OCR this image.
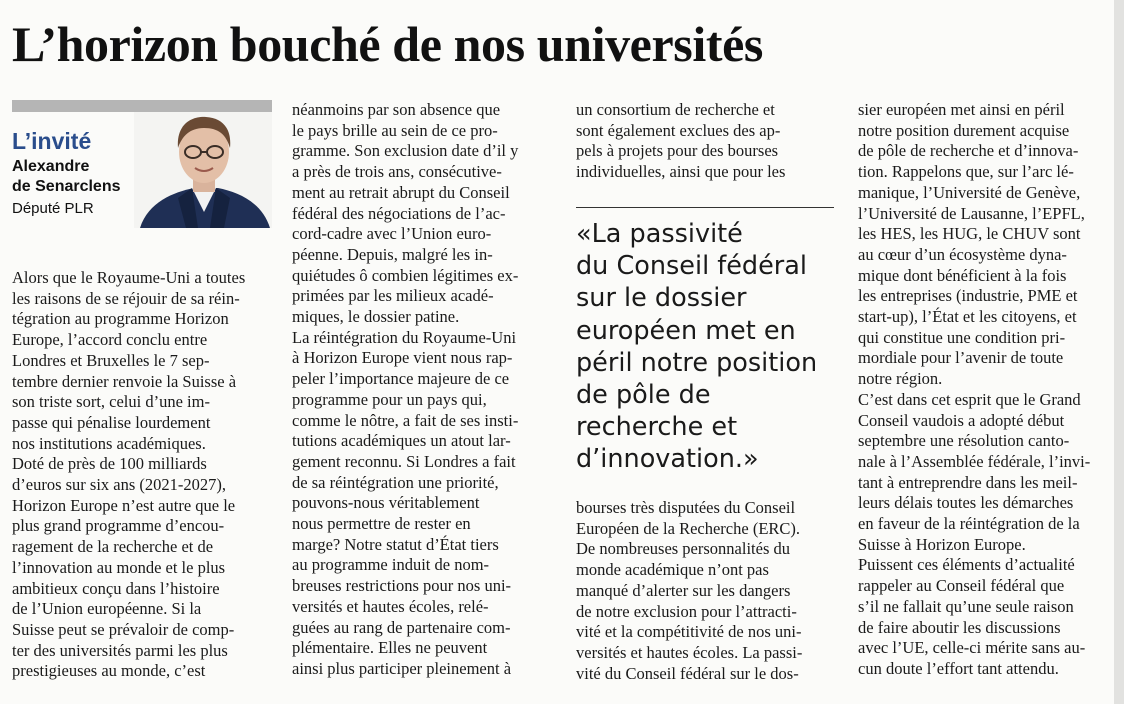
L’horizon bouché de nos universités
L’invité
Alexandre
de Senarclens
Député PLR

Alors que le Royaume-Uni a toutes

les raisons de se réjouir de sa réin-

tégration au programme Horizon

Europe, l’accord conclu entre

Londres et Bruxelles le 7 sep-

tembre dernier renvoie la Suisse à

son triste sort, celui d’une im-

passe qui pénalise lourdement

nos institutions académiques.

Doté de près de 100 milliards

d’euros sur six ans (2021-2027),

Horizon Europe n’est autre que le

plus grand programme d’encou-

ragement de la recherche et de

l’innovation au monde et le plus

ambitieux conçu dans l’histoire

de l’Union européenne. Si la

Suisse peut se prévaloir de comp-

ter des universités parmi les plus

prestigieuses au monde, c’est

néanmoins par son absence que

le pays brille au sein de ce pro-

gramme. Son exclusion date d’il y

a près de trois ans, consécutive-

ment au retrait abrupt du Conseil

fédéral des négociations de l’ac-

cord-cadre avec l’Union euro-

péenne. Depuis, malgré les in-

quiétudes ô combien légitimes ex-

primées par les milieux acadé-

miques, le dossier patine.

La réintégration du Royaume-Uni

à Horizon Europe vient nous rap-

peler l’importance majeure de ce

programme pour un pays qui,

comme le nôtre, a fait de ses insti-

tutions académiques un atout lar-

gement reconnu. Si Londres a fait

de sa réintégration une priorité,

pouvons-nous véritablement

nous permettre de rester en

marge? Notre statut d’État tiers

au programme induit de nom-

breuses restrictions pour nos uni-

versités et hautes écoles, relé-

guées au rang de partenaire com-

plémentaire. Elles ne peuvent

ainsi plus participer pleinement à

un consortium de recherche et

sont également exclues des ap-

pels à projets pour des bourses

individuelles, ainsi que pour les

«La passivité

du Conseil fédéral

sur le dossier

européen met en

péril notre position

de pôle de

recherche et

d’innovation.»

bourses très disputées du Conseil

Européen de la Recherche (ERC).

De nombreuses personnalités du

monde académique n’ont pas

manqué d’alerter sur les dangers

de notre exclusion pour l’attracti-

vité et la compétitivité de nos uni-

versités et hautes écoles. La passi-

vité du Conseil fédéral sur le dos-

sier européen met ainsi en péril

notre position durement acquise

de pôle de recherche et d’innova-

tion. Rappelons que, sur l’arc lé-

manique, l’Université de Genève,

l’Université de Lausanne, l’EPFL,

les HES, les HUG, le CHUV sont

au cœur d’un écosystème dyna-

mique dont bénéficient à la fois

les entreprises (industrie, PME et

start-up), l’État et les citoyens, et

qui constitue une condition pri-

mordiale pour l’avenir de toute

notre région.

C’est dans cet esprit que le Grand

Conseil vaudois a adopté début

septembre une résolution canto-

nale à l’Assemblée fédérale, l’invi-

tant à entreprendre dans les meil-

leurs délais toutes les démarches

en faveur de la réintégration de la

Suisse à Horizon Europe.

Puissent ces éléments d’actualité

rappeler au Conseil fédéral que

s’il ne fallait qu’une seule raison

de faire aboutir les discussions

avec l’UE, celle-ci mérite sans au-

cun doute l’effort tant attendu.
